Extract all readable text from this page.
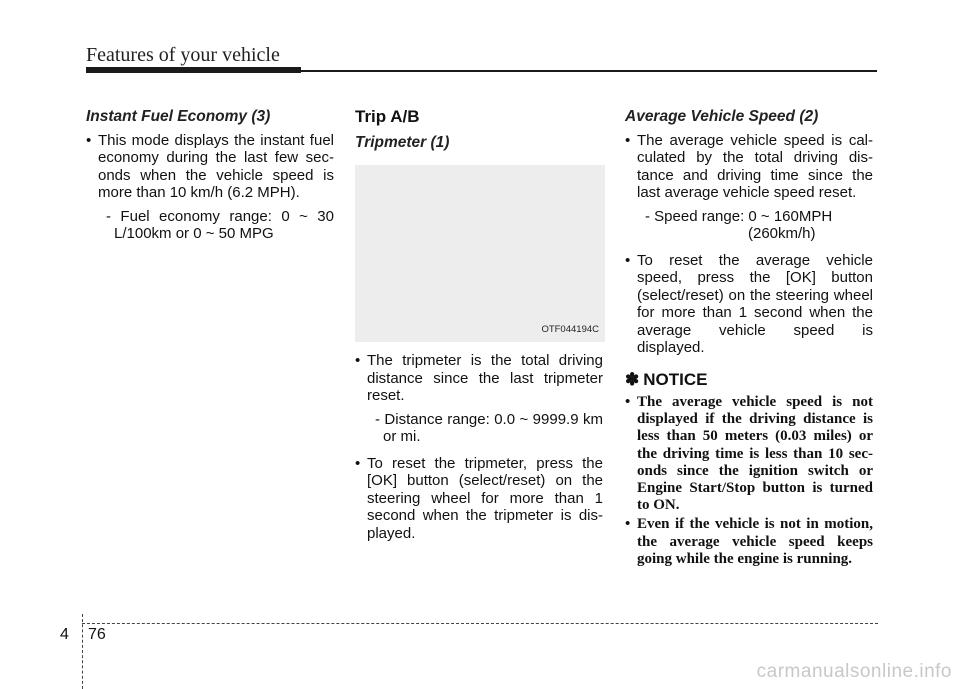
Features of your vehicle
Instant Fuel Economy (3)
• This mode displays the instant fuel economy during the last few sec-onds when the vehicle speed is more than 10 km/h (6.2 MPH).
- Fuel economy range: 0 ~ 30 L/100km or 0 ~ 50 MPG
Trip A/B
Tripmeter (1)
OTF044194C
• The tripmeter is the total driving distance since the last tripmeter reset.
- Distance range: 0.0 ~ 9999.9 km or mi.
• To reset the tripmeter, press the [OK] button (select/reset) on the steering wheel for more than 1 second when the tripmeter is dis-played.
Average Vehicle Speed (2)
• The average vehicle speed is cal-culated by the total driving dis-tance and driving time since the last average vehicle speed reset.
- Speed range: 0 ~ 160MPH
(260km/h)
• To reset the average vehicle speed, press the [OK] button (select/reset) on the steering wheel for more than 1 second when the average vehicle speed is displayed.
✽ NOTICE
• The average vehicle speed is not displayed if the driving distance is less than 50 meters (0.03 miles) or the driving time is less than 10 sec-onds since the ignition switch or Engine Start/Stop button is turned to ON.
• Even if the vehicle is not in motion, the average vehicle speed keeps going while the engine is running.
4 76
carmanualsonline.info
